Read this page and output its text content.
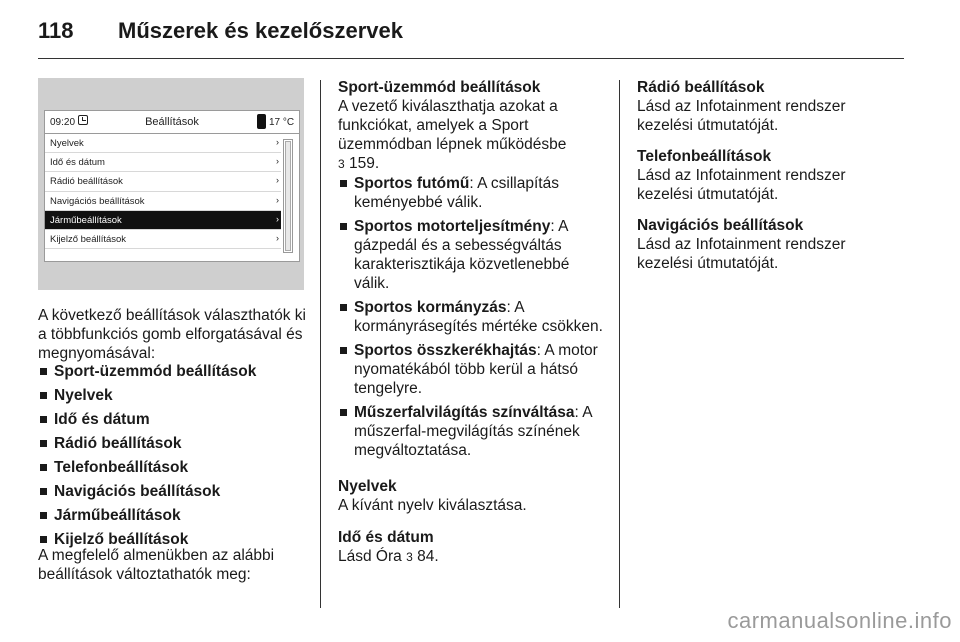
118 Műszerek és kezelőszervek
09:20	Beállítások	17 °C
Nyelvek	›
Idő és dátum	›
Rádió beállítások	›
Navigációs beállítások	›
Járműbeállítások	›
Kijelző beállítások	›
A következő beállítások választhatók ki a többfunkciós gomb elforgatásával és megnyomásával:
Sport-üzemmód beállítások
Nyelvek
Idő és dátum
Rádió beállítások
Telefonbeállítások
Navigációs beállítások
Járműbeállítások
Kijelző beállítások
A megfelelő almenükben az alábbi beállítások változtathatók meg:
Sport-üzemmód beállítások
A vezető kiválaszthatja azokat a funkciókat, amelyek a Sport üzemmódban lépnek működésbe
3 159.
Sportos futómű: A csillapítás keményebbé válik.
Sportos motorteljesítmény: A gázpedál és a sebességváltás karakterisztikája közvetlenebbé válik.
Sportos kormányzás: A kormányrásegítés mértéke csökken.
Sportos összkerékhajtás: A motor nyomatékából több kerül a hátsó tengelyre.
Műszerfalvilágítás színváltása: A műszerfal-megvilágítás színének megváltoztatása.
Nyelvek
A kívánt nyelv kiválasztása.
Idő és dátum
Lásd Óra 3 84.
Rádió beállítások
Lásd az Infotainment rendszer kezelési útmutatóját.
Telefonbeállítások
Lásd az Infotainment rendszer kezelési útmutatóját.
Navigációs beállítások
Lásd az Infotainment rendszer kezelési útmutatóját.
carmanualsonline.info
